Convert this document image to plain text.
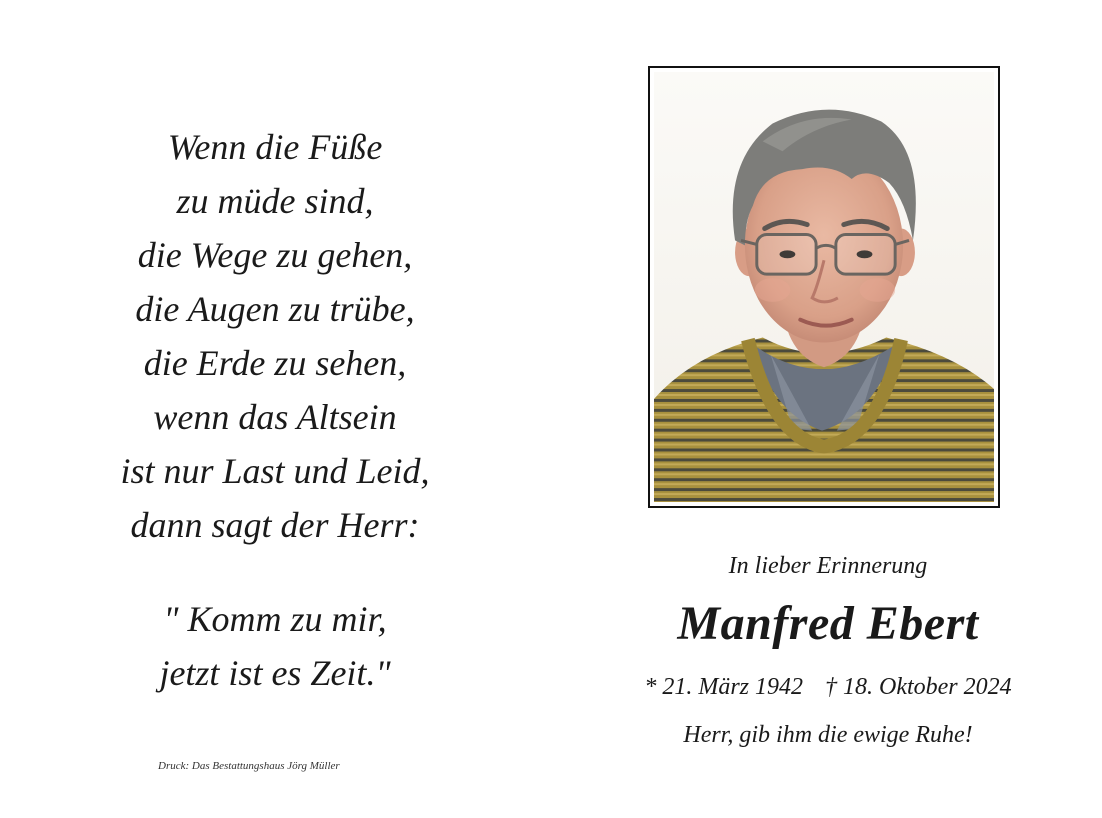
Wenn die Füße
zu müde sind,
die Wege zu gehen,
die Augen zu trübe,
die Erde zu sehen,
wenn das Altsein
ist nur Last und Leid,
dann sagt der Herr:
" Komm zu mir,
jetzt ist es Zeit."
Druck: Das Bestattungshaus Jörg Müller
In lieber Erinnerung
Manfred Ebert
* 21. März 1942 † 18. Oktober 2024
Herr, gib ihm die ewige Ruhe!
